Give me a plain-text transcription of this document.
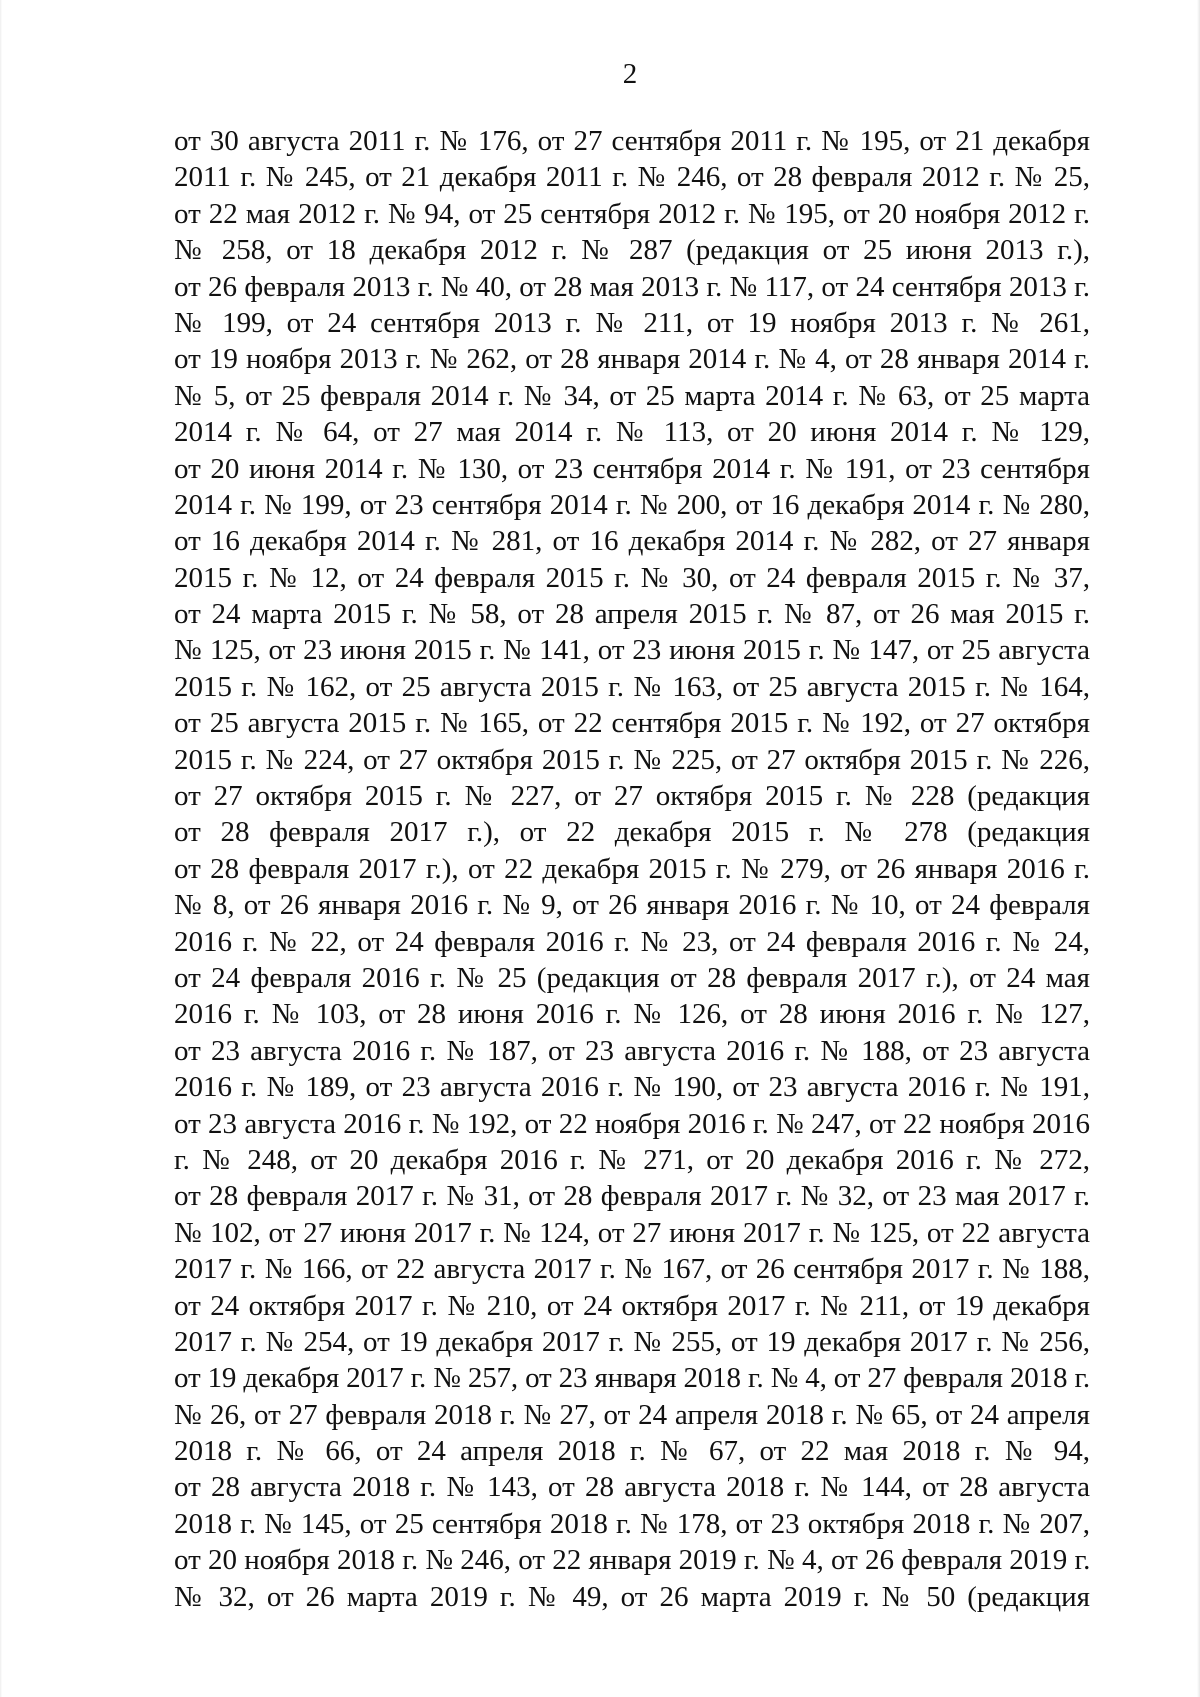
2
от 30 августа 2011 г. № 176, от 27 сентября 2011 г. № 195, от 21 декабря
2011 г. № 245, от 21 декабря 2011 г. № 246, от 28 февраля 2012 г. № 25,
от 22 мая 2012 г. № 94, от 25 сентября 2012 г. № 195, от 20 ноября 2012 г.
№ 258, от 18 декабря 2012 г. № 287 (редакция от 25 июня 2013 г.),
от 26 февраля 2013 г. № 40, от 28 мая 2013 г. № 117, от 24 сентября 2013 г.
№ 199, от 24 сентября 2013 г. № 211, от 19 ноября 2013 г. № 261,
от 19 ноября 2013 г. № 262, от 28 января 2014 г. № 4, от 28 января 2014 г.
№ 5, от 25 февраля 2014 г. № 34, от 25 марта 2014 г. № 63, от 25 марта
2014 г. № 64, от 27 мая 2014 г. № 113, от 20 июня 2014 г. № 129,
от 20 июня 2014 г. № 130, от 23 сентября 2014 г. № 191, от 23 сентября
2014 г. № 199, от 23 сентября 2014 г. № 200, от 16 декабря 2014 г. № 280,
от 16 декабря 2014 г. № 281, от 16 декабря 2014 г. № 282, от 27 января
2015 г. № 12, от 24 февраля 2015 г. № 30, от 24 февраля 2015 г. № 37,
от 24 марта 2015 г. № 58, от 28 апреля 2015 г. № 87, от 26 мая 2015 г.
№ 125, от 23 июня 2015 г. № 141, от 23 июня 2015 г. № 147, от 25 августа
2015 г. № 162, от 25 августа 2015 г. № 163, от 25 августа 2015 г. № 164,
от 25 августа 2015 г. № 165, от 22 сентября 2015 г. № 192, от 27 октября
2015 г. № 224, от 27 октября 2015 г. № 225, от 27 октября 2015 г. № 226,
от 27 октября 2015 г. № 227, от 27 октября 2015 г. № 228 (редакция
от 28 февраля 2017 г.), от 22 декабря 2015 г. № 278 (редакция
от 28 февраля 2017 г.), от 22 декабря 2015 г. № 279, от 26 января 2016 г.
№ 8, от 26 января 2016 г. № 9, от 26 января 2016 г. № 10, от 24 февраля
2016 г. № 22, от 24 февраля 2016 г. № 23, от 24 февраля 2016 г. № 24,
от 24 февраля 2016 г. № 25 (редакция от 28 февраля 2017 г.), от 24 мая
2016 г. № 103, от 28 июня 2016 г. № 126, от 28 июня 2016 г. № 127,
от 23 августа 2016 г. № 187, от 23 августа 2016 г. № 188, от 23 августа
2016 г. № 189, от 23 августа 2016 г. № 190, от 23 августа 2016 г. № 191,
от 23 августа 2016 г. № 192, от 22 ноября 2016 г. № 247, от 22 ноября 2016
г. № 248, от 20 декабря 2016 г. № 271, от 20 декабря 2016 г. № 272,
от 28 февраля 2017 г. № 31, от 28 февраля 2017 г. № 32, от 23 мая 2017 г.
№ 102, от 27 июня 2017 г. № 124, от 27 июня 2017 г. № 125, от 22 августа
2017 г. № 166, от 22 августа 2017 г. № 167, от 26 сентября 2017 г. № 188,
от 24 октября 2017 г. № 210, от 24 октября 2017 г. № 211, от 19 декабря
2017 г. № 254, от 19 декабря 2017 г. № 255, от 19 декабря 2017 г. № 256,
от 19 декабря 2017 г. № 257, от 23 января 2018 г. № 4, от 27 февраля 2018 г.
№ 26, от 27 февраля 2018 г. № 27, от 24 апреля 2018 г. № 65, от 24 апреля
2018 г. № 66, от 24 апреля 2018 г. № 67, от 22 мая 2018 г. № 94,
от 28 августа 2018 г. № 143, от 28 августа 2018 г. № 144, от 28 августа
2018 г. № 145, от 25 сентября 2018 г. № 178, от 23 октября 2018 г. № 207,
от 20 ноября 2018 г. № 246, от 22 января 2019 г. № 4, от 26 февраля 2019 г.
№ 32, от 26 марта 2019 г. № 49, от 26 марта 2019 г. № 50 (редакция
